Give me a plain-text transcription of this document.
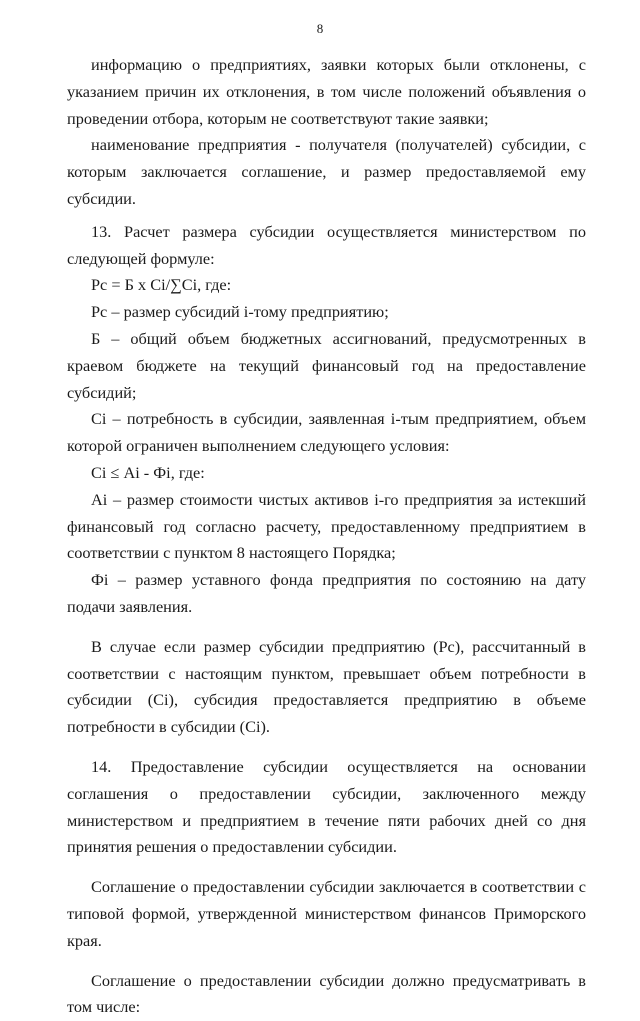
8

информацию о предприятиях, заявки которых были отклонены, с указанием причин их отклонения, в том числе положений объявления о проведении отбора, которым не соответствуют такие заявки;

наименование предприятия - получателя (получателей) субсидии, с которым заключается соглашение, и размер предоставляемой ему субсидии.

13. Расчет размера субсидии осуществляется министерством по следующей формуле:

Рс = Б х Сi/∑Сi, где:

Рс – размер субсидий i-тому предприятию;

Б – общий объем бюджетных ассигнований, предусмотренных в краевом бюджете на текущий финансовый год на предоставление субсидий;

Сi – потребность в субсидии, заявленная i-тым предприятием, объем которой ограничен выполнением следующего условия:

Сi ≤ Аi - Фi, где:

Аi – размер стоимости чистых активов i-го предприятия за истекший финансовый год согласно расчету, предоставленному предприятием в соответствии с пунктом 8 настоящего Порядка;

Фi – размер уставного фонда предприятия по состоянию на дату подачи заявления.

В случае если размер субсидии предприятию (Рс), рассчитанный в соответствии с настоящим пунктом, превышает объем потребности в субсидии (Сi), субсидия предоставляется предприятию в объеме потребности в субсидии (Сi).

14. Предоставление субсидии осуществляется на основании соглашения о предоставлении субсидии, заключенного между министерством и предприятием в течение пяти рабочих дней со дня принятия решения о предоставлении субсидии.

Соглашение о предоставлении субсидии заключается в соответствии с типовой формой, утвержденной министерством финансов Приморского края.

Соглашение о предоставлении субсидии должно предусматривать в том числе:
